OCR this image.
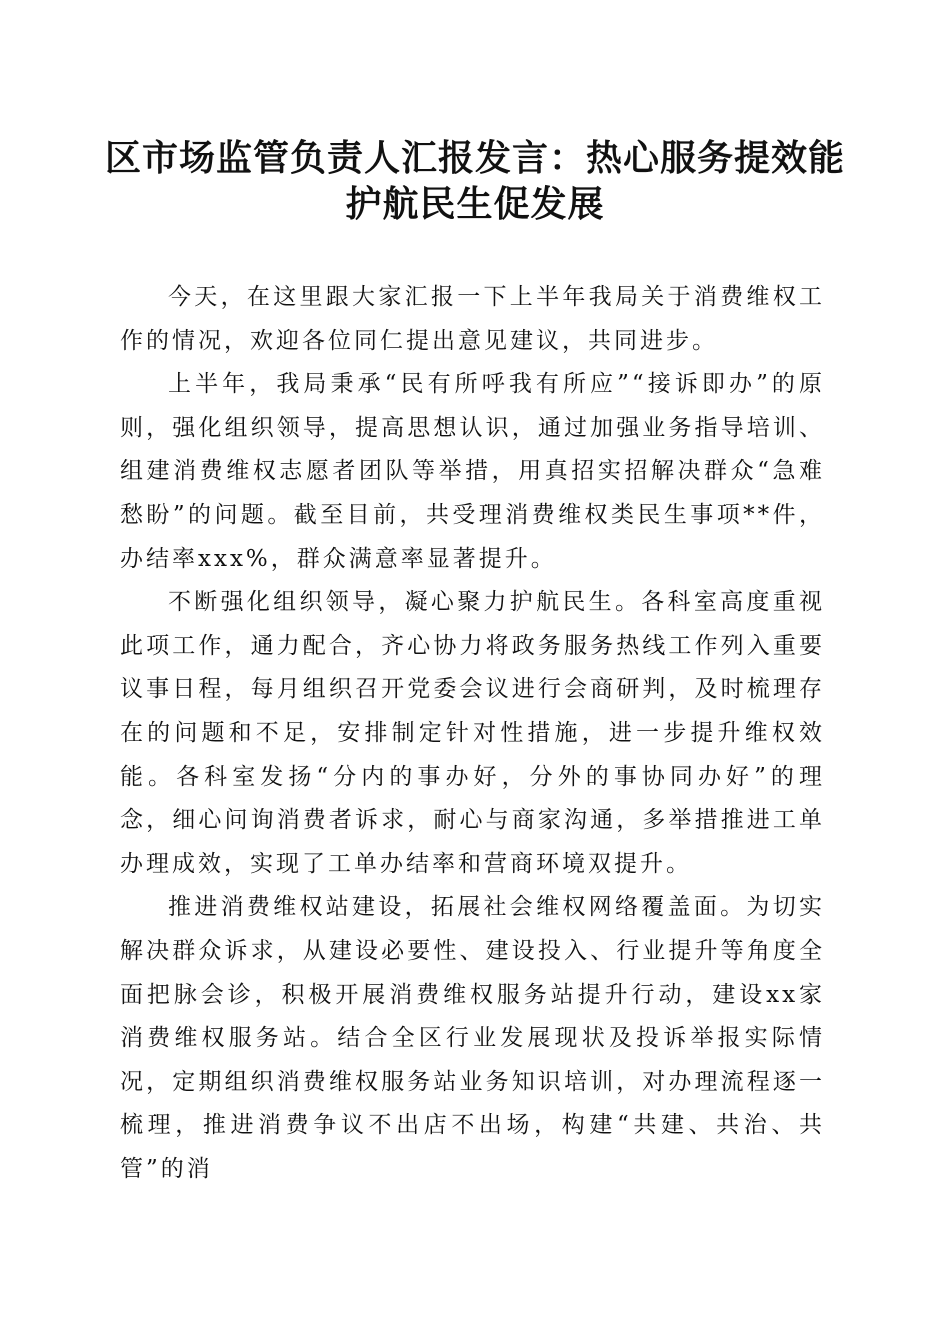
区市场监管负责人汇报发言：热心服务提效能
护航民生促发展

今天，在这里跟大家汇报一下上半年我局关于消费维权工作的情况，欢迎各位同仁提出意见建议，共同进步。

上半年，我局秉承“民有所呼我有所应”“接诉即办”的原则，强化组织领导，提高思想认识，通过加强业务指导培训、组建消费维权志愿者团队等举措，用真招实招解决群众“急难愁盼”的问题。截至目前，共受理消费维权类民生事项**件，办结率xxx%，群众满意率显著提升。

不断强化组织领导，凝心聚力护航民生。各科室高度重视此项工作，通力配合，齐心协力将政务服务热线工作列入重要议事日程，每月组织召开党委会议进行会商研判，及时梳理存在的问题和不足，安排制定针对性措施，进一步提升维权效能。各科室发扬“分内的事办好，分外的事协同办好”的理念，细心问询消费者诉求，耐心与商家沟通，多举措推进工单办理成效，实现了工单办结率和营商环境双提升。

推进消费维权站建设，拓展社会维权网络覆盖面。为切实解决群众诉求，从建设必要性、建设投入、行业提升等角度全面把脉会诊，积极开展消费维权服务站提升行动，建设xx家消费维权服务站。结合全区行业发展现状及投诉举报实际情况，定期组织消费维权服务站业务知识培训，对办理流程逐一梳理，推进消费争议不出店不出场，构建“共建、共治、共管”的消
